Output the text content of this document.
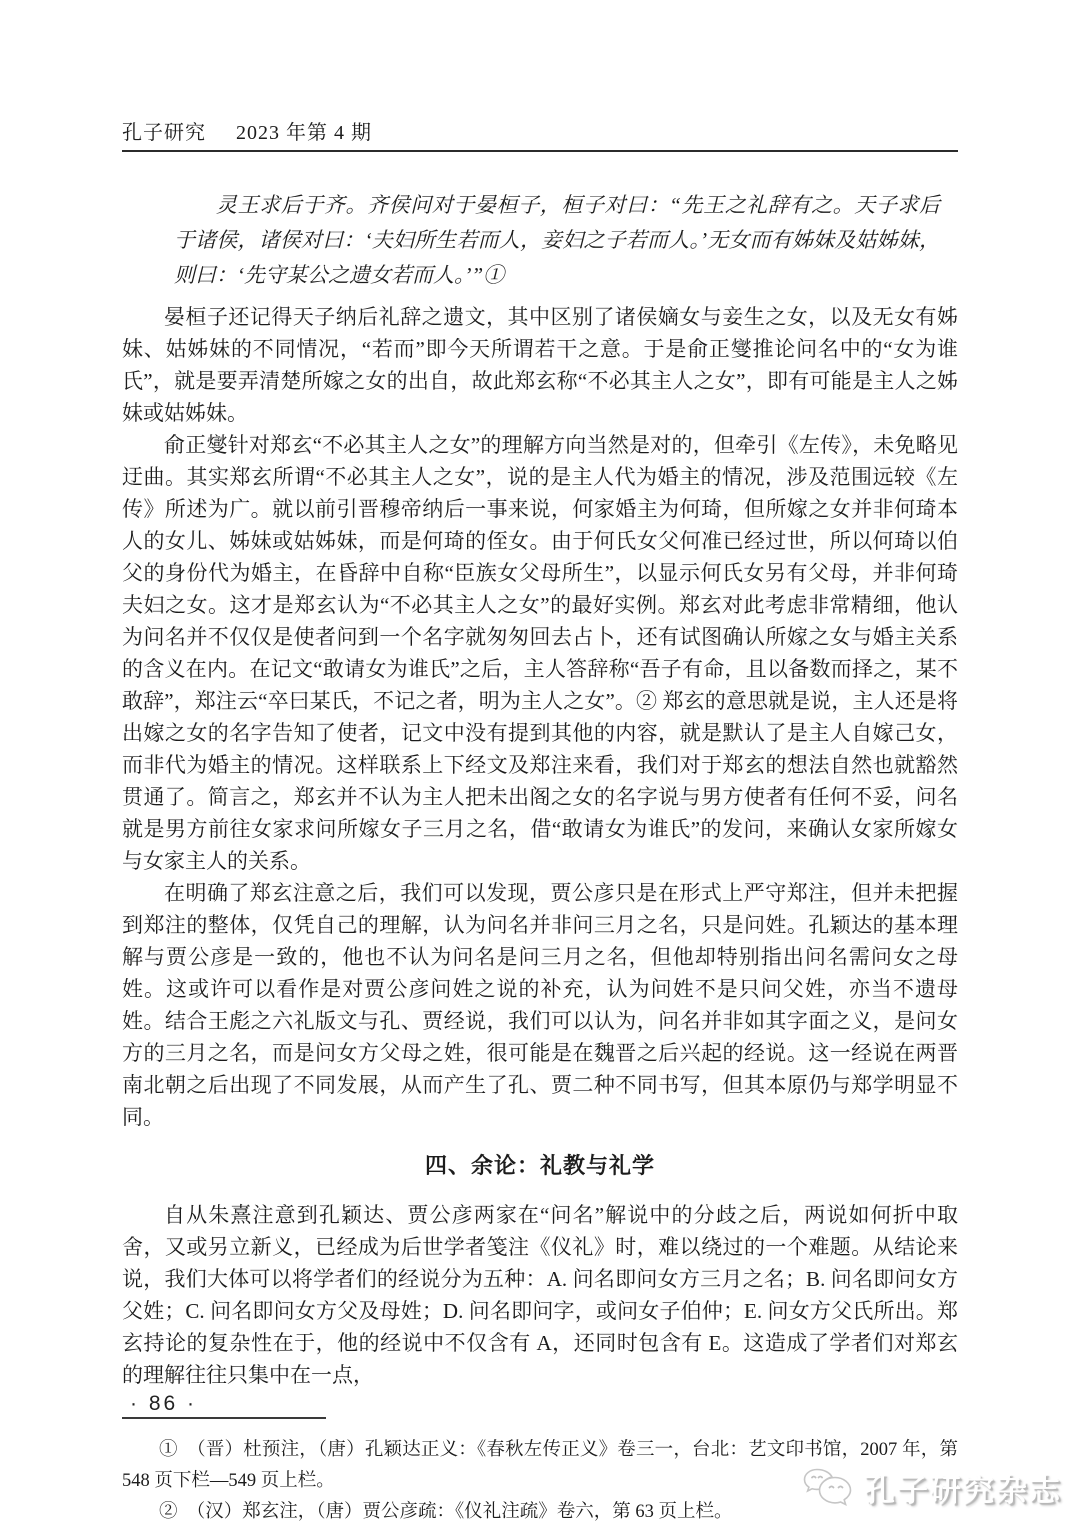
孔子研究 2023 年第 4 期

灵王求后于齐。齐侯问对于晏桓子，桓子对曰：“先王之礼辞有之。天子求后于诸侯，诸侯对曰：‘夫妇所生若而人，妾妇之子若而人。’无女而有姊妹及姑姊妹，则曰：‘先守某公之遗女若而人。’”①

晏桓子还记得天子纳后礼辞之遗文，其中区别了诸侯嫡女与妾生之女，以及无女有姊妹、姑姊妹的不同情况，“若而”即今天所谓若干之意。于是俞正燮推论问名中的“女为谁氏”，就是要弄清楚所嫁之女的出自，故此郑玄称“不必其主人之女”，即有可能是主人之姊妹或姑姊妹。

俞正燮针对郑玄“不必其主人之女”的理解方向当然是对的，但牵引《左传》，未免略见迂曲。其实郑玄所谓“不必其主人之女”，说的是主人代为婚主的情况，涉及范围远较《左传》所述为广。就以前引晋穆帝纳后一事来说，何家婚主为何琦，但所嫁之女并非何琦本人的女儿、姊妹或姑姊妹，而是何琦的侄女。由于何氏女父何准已经过世，所以何琦以伯父的身份代为婚主，在昏辞中自称“臣族女父母所生”，以显示何氏女另有父母，并非何琦夫妇之女。这才是郑玄认为“不必其主人之女”的最好实例。郑玄对此考虑非常精细，他认为问名并不仅仅是使者问到一个名字就匆匆回去占卜，还有试图确认所嫁之女与婚主关系的含义在内。在记文“敢请女为谁氏”之后，主人答辞称“吾子有命，且以备数而择之，某不敢辞”，郑注云“卒曰某氏，不记之者，明为主人之女”。② 郑玄的意思就是说，主人还是将出嫁之女的名字告知了使者，记文中没有提到其他的内容，就是默认了是主人自嫁己女，而非代为婚主的情况。这样联系上下经文及郑注来看，我们对于郑玄的想法自然也就豁然贯通了。简言之，郑玄并不认为主人把未出阁之女的名字说与男方使者有任何不妥，问名就是男方前往女家求问所嫁女子三月之名，借“敢请女为谁氏”的发问，来确认女家所嫁女与女家主人的关系。

在明确了郑玄注意之后，我们可以发现，贾公彦只是在形式上严守郑注，但并未把握到郑注的整体，仅凭自己的理解，认为问名并非问三月之名，只是问姓。孔颖达的基本理解与贾公彦是一致的，他也不认为问名是问三月之名，但他却特别指出问名需问女之母姓。这或许可以看作是对贾公彦问姓之说的补充，认为问姓不是只问父姓，亦当不遗母姓。结合王彪之六礼版文与孔、贾经说，我们可以认为，问名并非如其字面之义，是问女方的三月之名，而是问女方父母之姓，很可能是在魏晋之后兴起的经说。这一经说在两晋南北朝之后出现了不同发展，从而产生了孔、贾二种不同书写，但其本原仍与郑学明显不同。

四、余论：礼教与礼学

自从朱熹注意到孔颖达、贾公彦两家在“问名”解说中的分歧之后，两说如何折中取舍，又或另立新义，已经成为后世学者笺注《仪礼》时，难以绕过的一个难题。从结论来说，我们大体可以将学者们的经说分为五种：A. 问名即问女方三月之名；B. 问名即问女方父姓；C. 问名即问女方父及母姓；D. 问名即问字，或问女子伯仲；E. 问女方父氏所出。郑玄持论的复杂性在于，他的经说中不仅含有 A，还同时包含有 E。这造成了学者们对郑玄的理解往往只集中在一点，

①　（晋）杜预注，（唐）孔颖达正义：《春秋左传正义》卷三一，台北：艺文印书馆，2007 年，第 548 页下栏—549 页上栏。

②　（汉）郑玄注，（唐）贾公彦疏：《仪礼注疏》卷六，第 63 页上栏。

· 86 ·
孔子研究杂志
